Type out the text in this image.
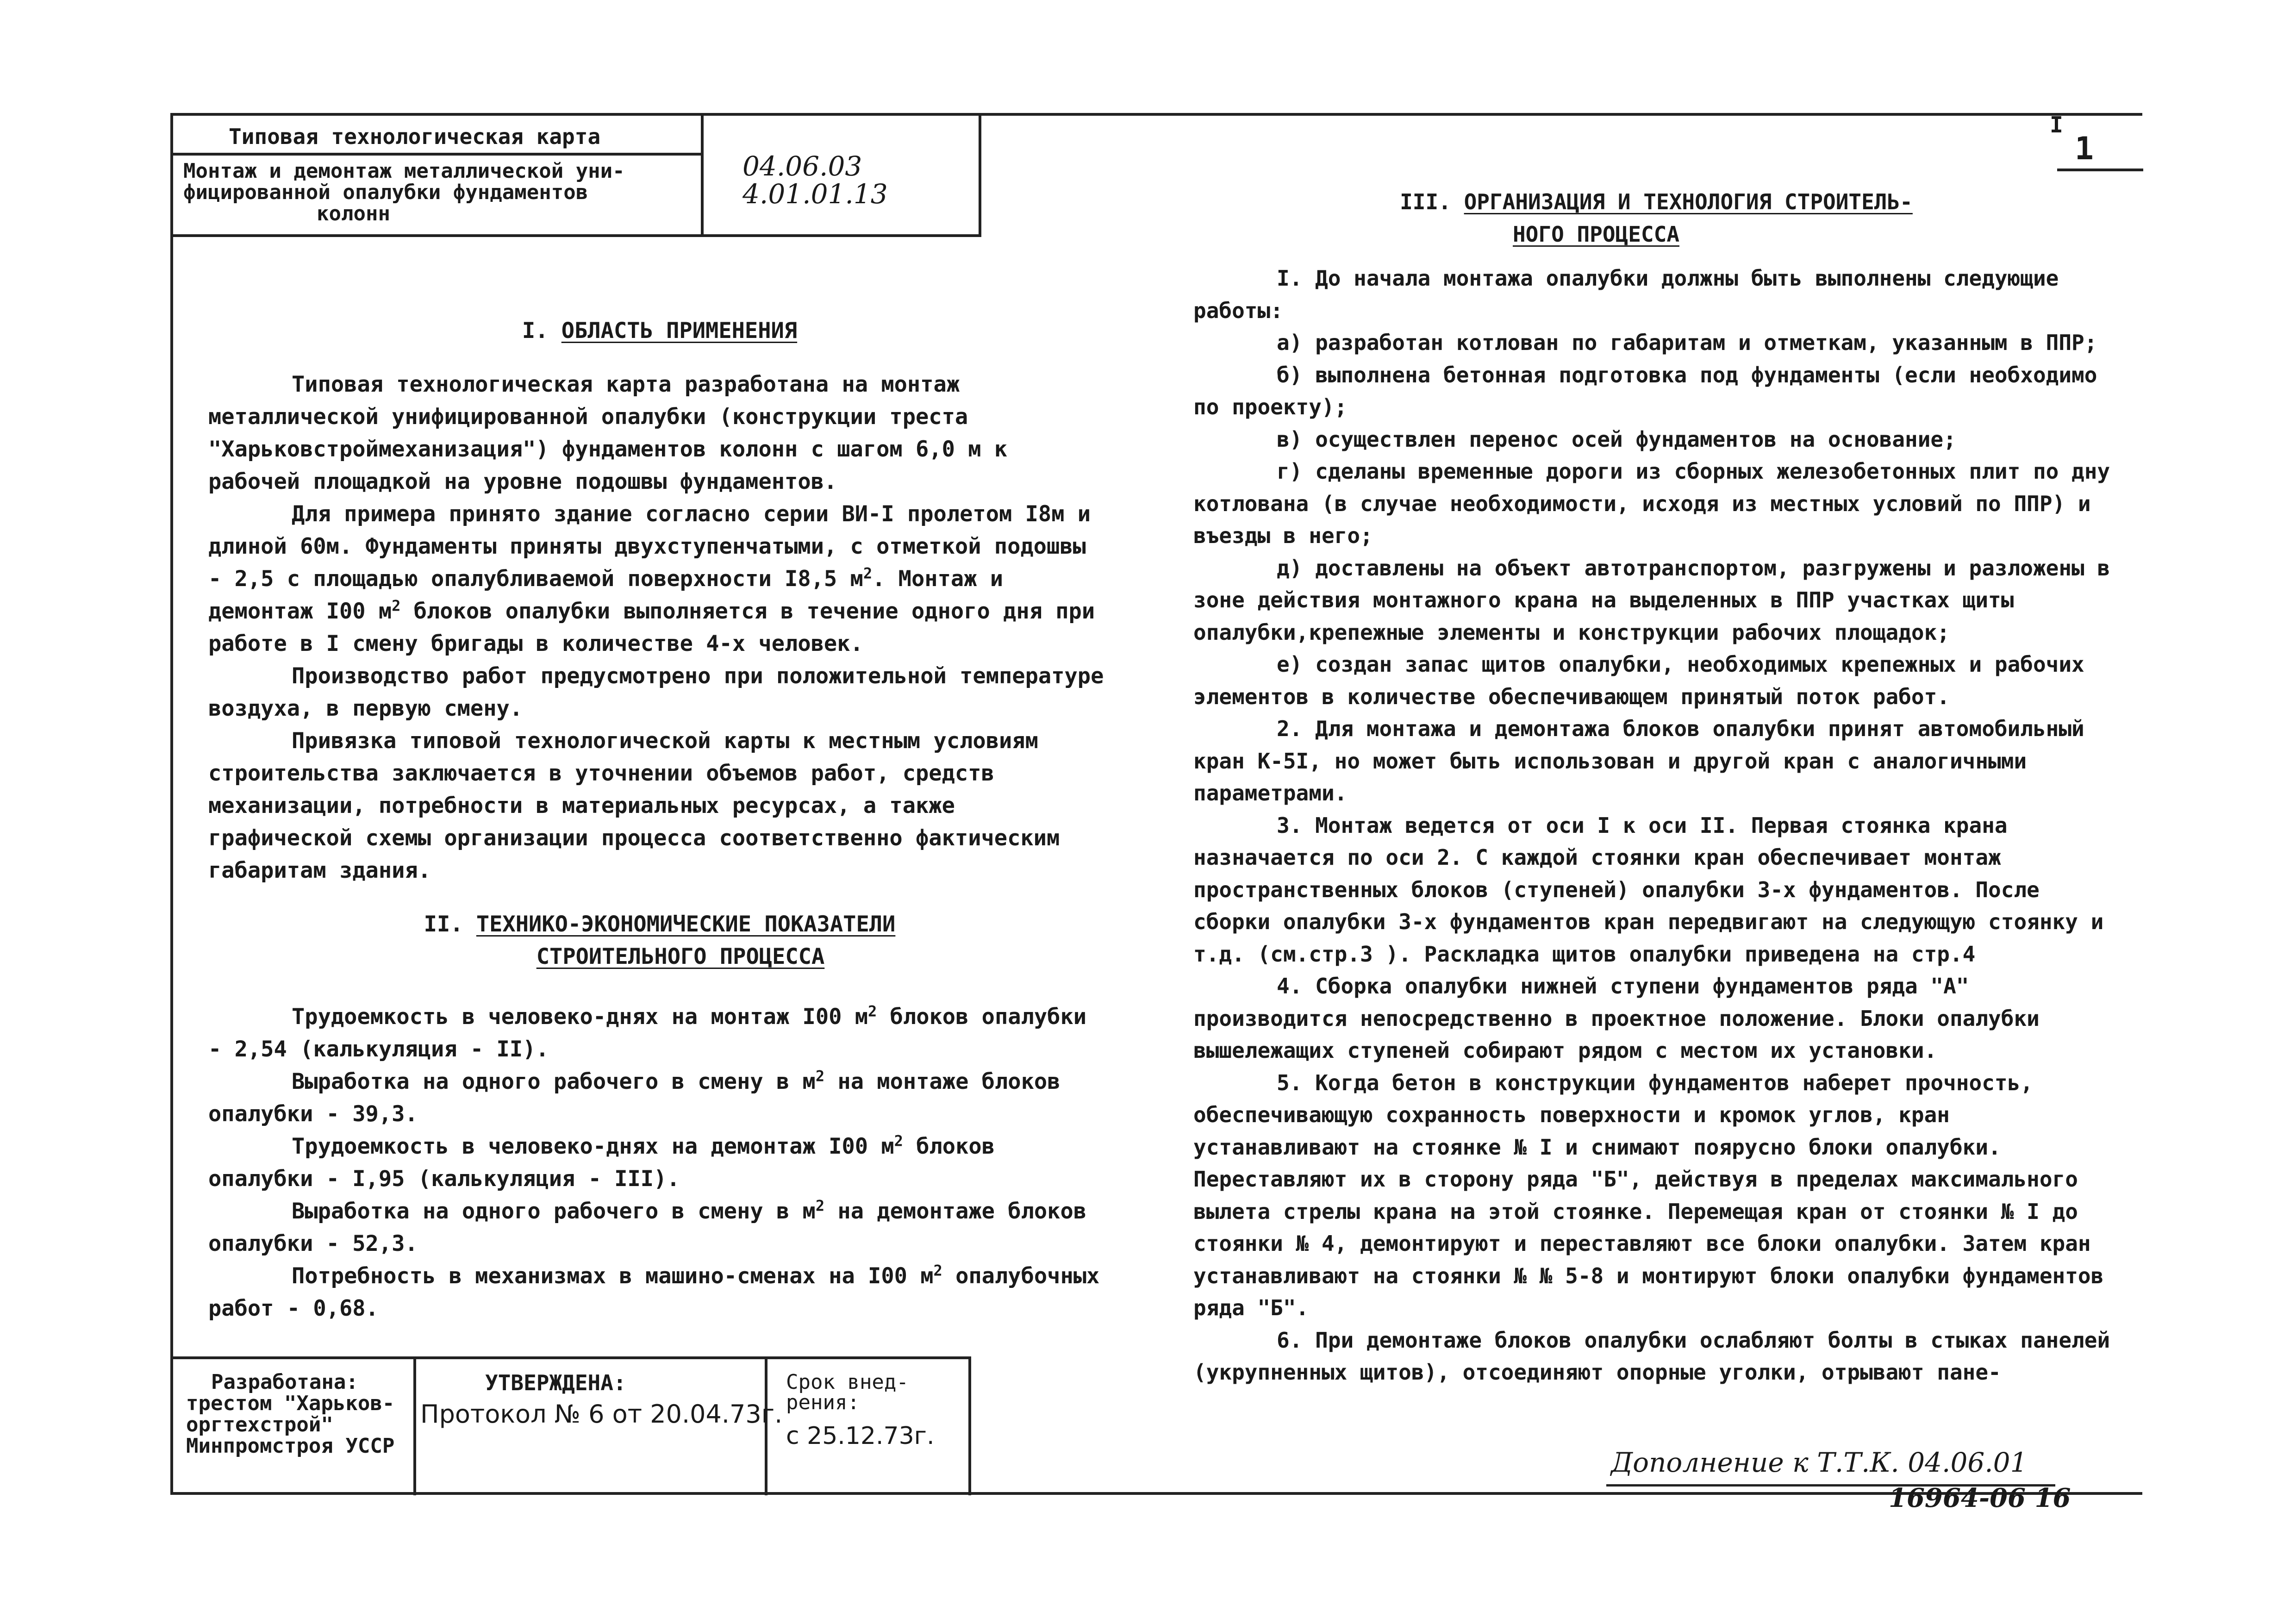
Типовая технологическая карта
Монтаж и демонтаж металлической уни-
фицированной опалубки фундаментов
колонн
04.06.03
4.01.01.13
I
1

I. ОБЛАСТЬ ПРИМЕНЕНИЯ

Типовая технологическая карта разработана на монтаж металлической унифицированной опалубки (конструкции треста "Харьковстроймеханизация") фундаментов колонн с шагом 6,0 м к рабочей площадкой на уровне подошвы фундаментов.

Для примера принято здание согласно серии ВИ-I пролетом I8м и длиной 60м. Фундаменты приняты двухступенчатыми, с отметкой подошвы - 2,5 с площадью опалубливаемой поверхности I8,5 $м^2$. Монтаж и демонтаж I00 $м^2$ блоков опалубки выполняется в течение одного дня при работе в I смену бригады в количестве 4-х человек.

Производство работ предусмотрено при положительной температуре воздуха, в первую смену.

Привязка типовой технологической карты к местным условиям строительства заключается в уточнении объемов работ, средств механизации, потребности в материальных ресурсах, а также графической схемы организации процесса соответственно фактическим габаритам здания.

II. ТЕХНИКО-ЭКОНОМИЧЕСКИЕ ПОКАЗАТЕЛИ

СТРОИТЕЛЬНОГО ПРОЦЕССА

Трудоемкость в человеко-днях на монтаж I00 $м^2$ блоков опалубки - 2,54 (калькуляция - II).

Выработка на одного рабочего в смену в $м^2$ на монтаже блоков опалубки - 39,3.

Трудоемкость в человеко-днях на демонтаж I00 $м^2$ блоков опалубки - I,95 (калькуляция - III).

Выработка на одного рабочего в смену в $м^2$ на демонтаже блоков опалубки - 52,3.

Потребность в механизмах в машино-сменах на I00 $м^2$ опалубочных работ - 0,68.

III. ОРГАНИЗАЦИЯ И ТЕХНОЛОГИЯ СТРОИТЕЛЬ-

НОГО ПРОЦЕССА

I. До начала монтажа опалубки должны быть выполнены следующие работы:

а) разработан котлован по габаритам и отметкам, указанным в ППР;

б) выполнена бетонная подготовка под фундаменты (если необходимо по проекту);

в) осуществлен перенос осей фундаментов на основание;

г) сделаны временные дороги из сборных железобетонных плит по дну котлована (в случае необходимости, исходя из местных условий по ППР) и въезды в него;

д) доставлены на объект автотранспортом, разгружены и разложены в зоне действия монтажного крана на выделенных в ППР участках щиты опалубки,крепежные элементы и конструкции рабочих площадок;

е) создан запас щитов опалубки, необходимых крепежных и рабочих элементов в количестве обеспечивающем принятый поток работ.

2. Для монтажа и демонтажа блоков опалубки принят автомобильный кран К-5I, но может быть использован и другой кран с аналогичными параметрами.

3. Монтаж ведется от оси I к оси II. Первая стоянка крана назначается по оси 2. С каждой стоянки кран обеспечивает монтаж пространственных блоков (ступеней) опалубки 3-х фундаментов. После сборки опалубки 3-х фундаментов кран передвигают на следующую стоянку и т.д. (см.стр.3 ). Раскладка щитов опалубки приведена на стр.4

4. Сборка опалубки нижней ступени фундаментов ряда "А" производится непосредственно в проектное положение. Блоки опалубки вышележащих ступеней собирают рядом с местом их установки.

5. Когда бетон в конструкции фундаментов наберет прочность, обеспечивающую сохранность поверхности и кромок углов, кран устанавливают на стоянке № I и снимают поярусно блоки опалубки. Переставляют их в сторону ряда "Б", действуя в пределах максимального вылета стрелы крана на этой стоянке. Перемещая кран от стоянки № I до стоянки № 4, демонтируют и переставляют все блоки опалубки. Затем кран устанавливают на стоянки № № 5-8 и монтируют блоки опалубки фундаментов ряда "Б".

6. При демонтаже блоков опалубки ослабляют болты в стыках панелей (укрупненных щитов), отсоединяют опорные уголки, отрывают пане-

Разработана:
трестом "Харьков-
оргтехстрой"
Минпромстроя УССР
УТВЕРЖДЕНА:
Протокол № 6 от 20.04.73г.
Срок внед-
рения:
с 25.12.73г.
Дополнение к Т.Т.К. 04.06.01
16964-06 16
